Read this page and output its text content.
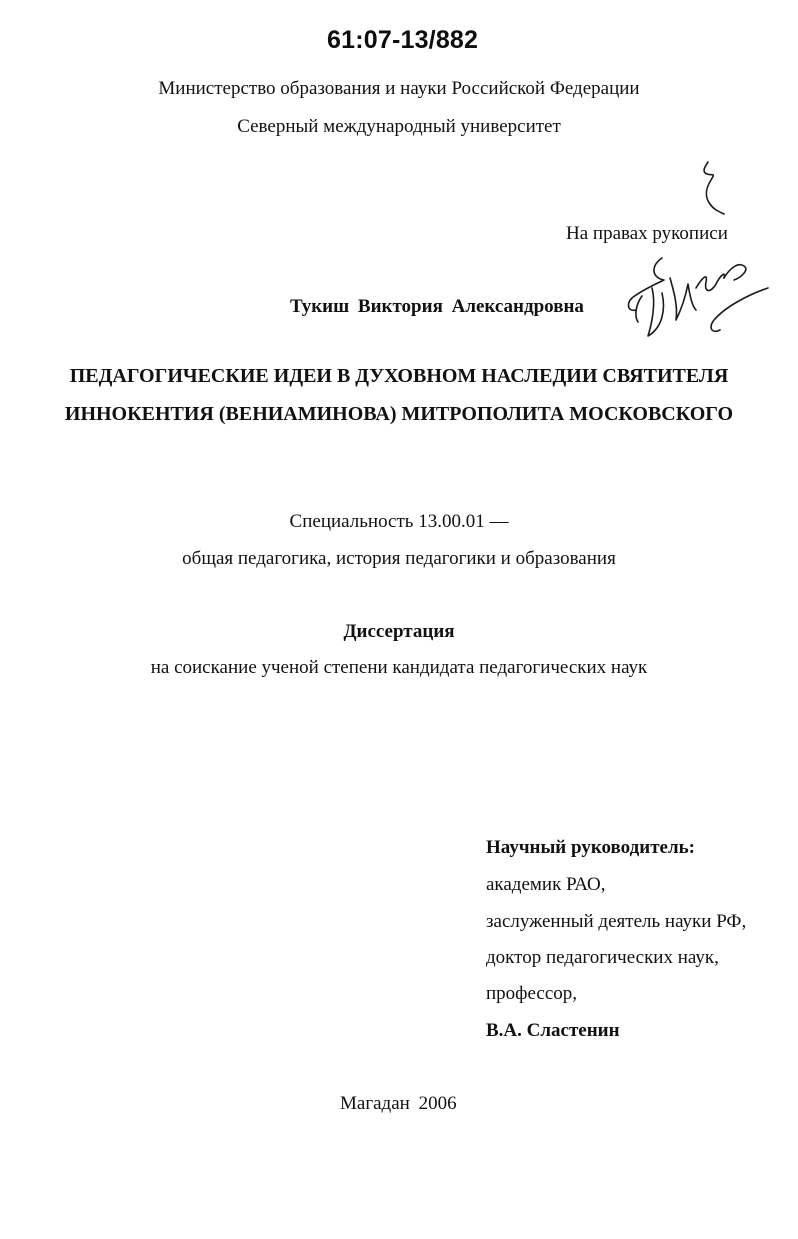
61:07-13/882
Министерство образования и науки Российской Федерации
Северный международный университет
На правах рукописи
Тукиш Виктория Александровна
ПЕДАГОГИЧЕСКИЕ ИДЕИ В ДУХОВНОМ НАСЛЕДИИ СВЯТИТЕЛЯ
ИННОКЕНТИЯ (ВЕНИАМИНОВА) МИТРОПОЛИТА МОСКОВСКОГО
Специальность 13.00.01 —
общая педагогика, история педагогики и образования
Диссертация
на соискание ученой степени кандидата педагогических наук
Научный руководитель:
академик РАО,
заслуженный деятель науки РФ,
доктор педагогических наук,
профессор,
В.А. Сластенин
Магадан 2006
